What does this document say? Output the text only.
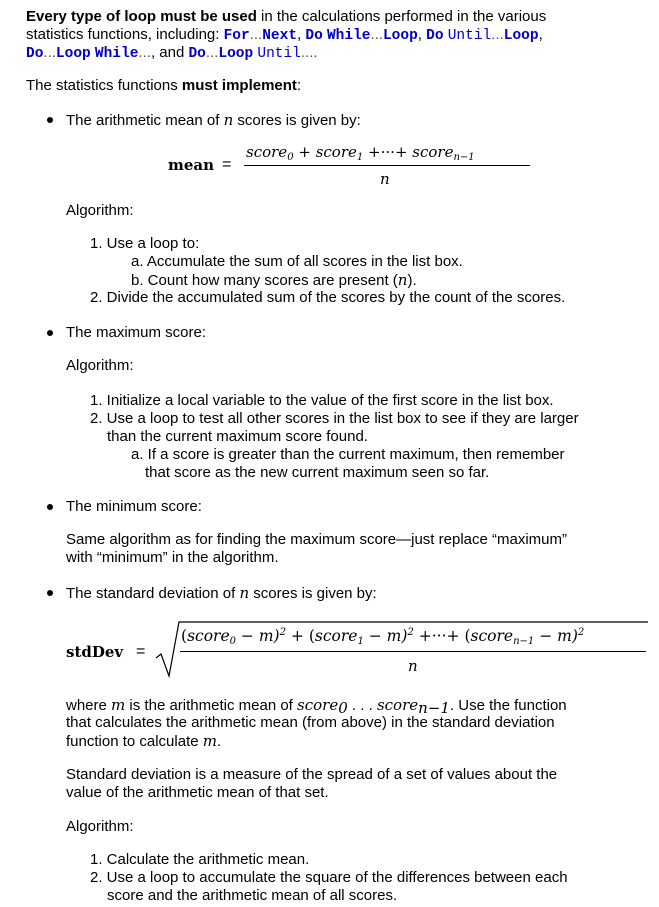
Every type of loop must be used in the calculations performed in the various
statistics functions, including: For...Next, Do While...Loop, Do Until...Loop,
Do...Loop While..., and Do...Loop Until....
The statistics functions must implement:
The arithmetic mean of n scores is given by:
mean =
score$_0$ + score$_1$ +···+ score$_{n-1}$
n
Algorithm:
1. Use a loop to:
a. Accumulate the sum of all scores in the list box.
b. Count how many scores are present (n).
2. Divide the accumulated sum of the scores by the count of the scores.
The maximum score:
Algorithm:
1. Initialize a local variable to the value of the first score in the list box.
2. Use a loop to test all other scores in the list box to see if they are larger
than the current maximum score found.
a. If a score is greater than the current maximum, then remember
that score as the new current maximum seen so far.
The minimum score:
Same algorithm as for finding the maximum score—just replace “maximum”
with “minimum” in the algorithm.
The standard deviation of n scores is given by:
stdDev =
(score$_0$ − m)$^2$ + (score$_1$ − m)$^2$ +···+ (score$_{n-1}$ − m)$^2$
n
where m is the arithmetic mean of score$_0$ . . . score$_{n-1}$. Use the function
that calculates the arithmetic mean (from above) in the standard deviation
function to calculate m.
Standard deviation is a measure of the spread of a set of values about the
value of the arithmetic mean of that set.
Algorithm:
1. Calculate the arithmetic mean.
2. Use a loop to accumulate the square of the differences between each
score and the arithmetic mean of all scores.
